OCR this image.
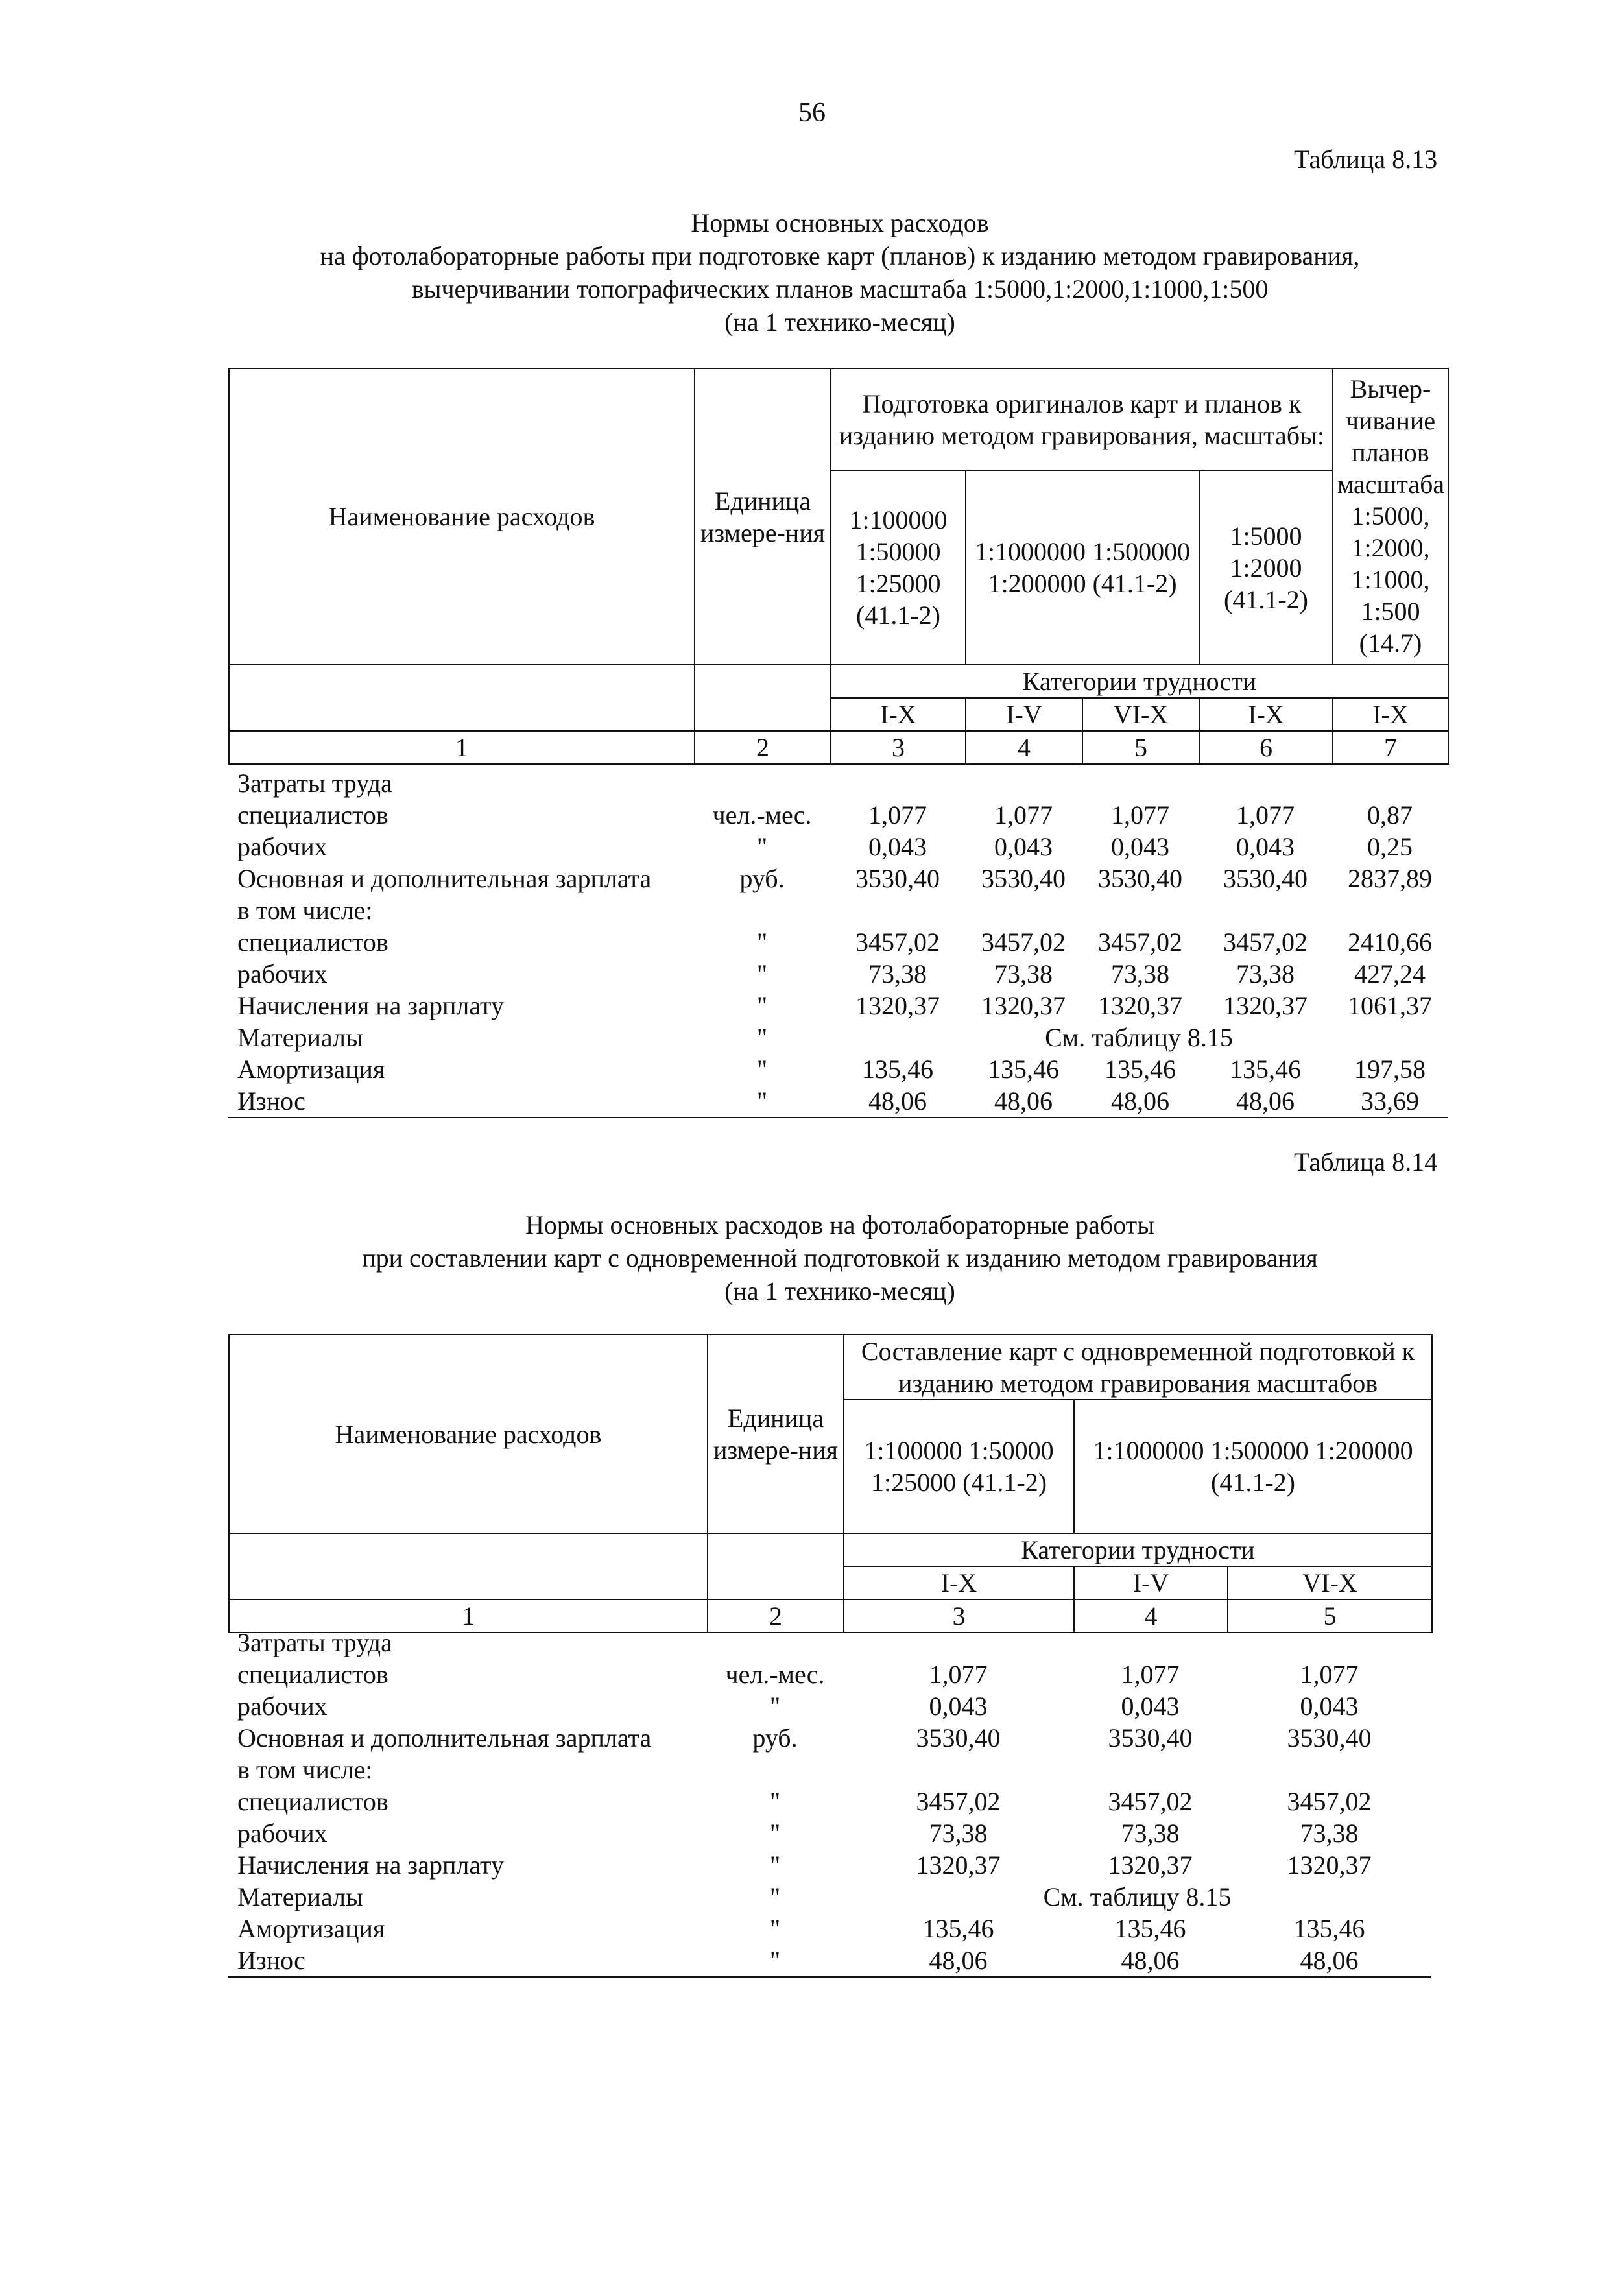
56
Таблица 8.13
Нормы основных расходов
на фотолабораторные работы при подготовке карт (планов) к изданию методом гравирования,
вычерчивании топографических планов масштаба 1:5000,1:2000,1:1000,1:500
(на 1 технико-месяц)
Наименование расходов	Единица измере-ния	Подготовка оригиналов карт и планов к изданию методом гравирования, масштабы:				Вычер-чивание планов масштаба
1:5000, 1:2000, 1:1000, 1:500 (14.7)

		1:100000 1:50000 1:25000 (41.1-2)	1:1000000 1:500000 1:200000 (41.1-2)		1:5000 1:2000 (41.1-2)	
		Категории трудности				
		I-X	I-V	VI-X	I-X	I-X
1	2	3	4	5	6	7
Затраты труда						
специалистов	чел.-мес.	1,077	1,077	1,077	1,077	0,87
рабочих	"	0,043	0,043	0,043	0,043	0,25
Основная и дополнительная зарплата	руб.	3530,40	3530,40	3530,40	3530,40	2837,89
в том числе:						
специалистов	"	3457,02	3457,02	3457,02	3457,02	2410,66
рабочих	"	73,38	73,38	73,38	73,38	427,24
Начисления на зарплату	"	1320,37	1320,37	1320,37	1320,37	1061,37
Материалы	"	См. таблицу 8.15				
Амортизация	"	135,46	135,46	135,46	135,46	197,58
Износ	"	48,06	48,06	48,06	48,06	33,69
Таблица 8.14
Нормы основных расходов на фотолабораторные работы
при составлении карт с одновременной подготовкой к изданию методом гравирования
(на 1 технико-месяц)
Наименование расходов	Единица измере-ния	Составление карт с одновременной подготовкой к изданию методом гравирования масштабов		
		1:100000 1:50000 1:25000 (41.1-2)	1:1000000 1:500000 1:200000 (41.1-2)	
		Категории трудности		
		I-X	I-V	VI-X
1	2	3	4	5
Затраты труда				
специалистов	чел.-мес.	1,077	1,077	1,077
рабочих	"	0,043	0,043	0,043
Основная и дополнительная зарплата	руб.	3530,40	3530,40	3530,40
в том числе:				
специалистов	"	3457,02	3457,02	3457,02
рабочих	"	73,38	73,38	73,38
Начисления на зарплату	"	1320,37	1320,37	1320,37
Материалы	"	См. таблицу 8.15		
Амортизация	"	135,46	135,46	135,46
Износ	"	48,06	48,06	48,06
